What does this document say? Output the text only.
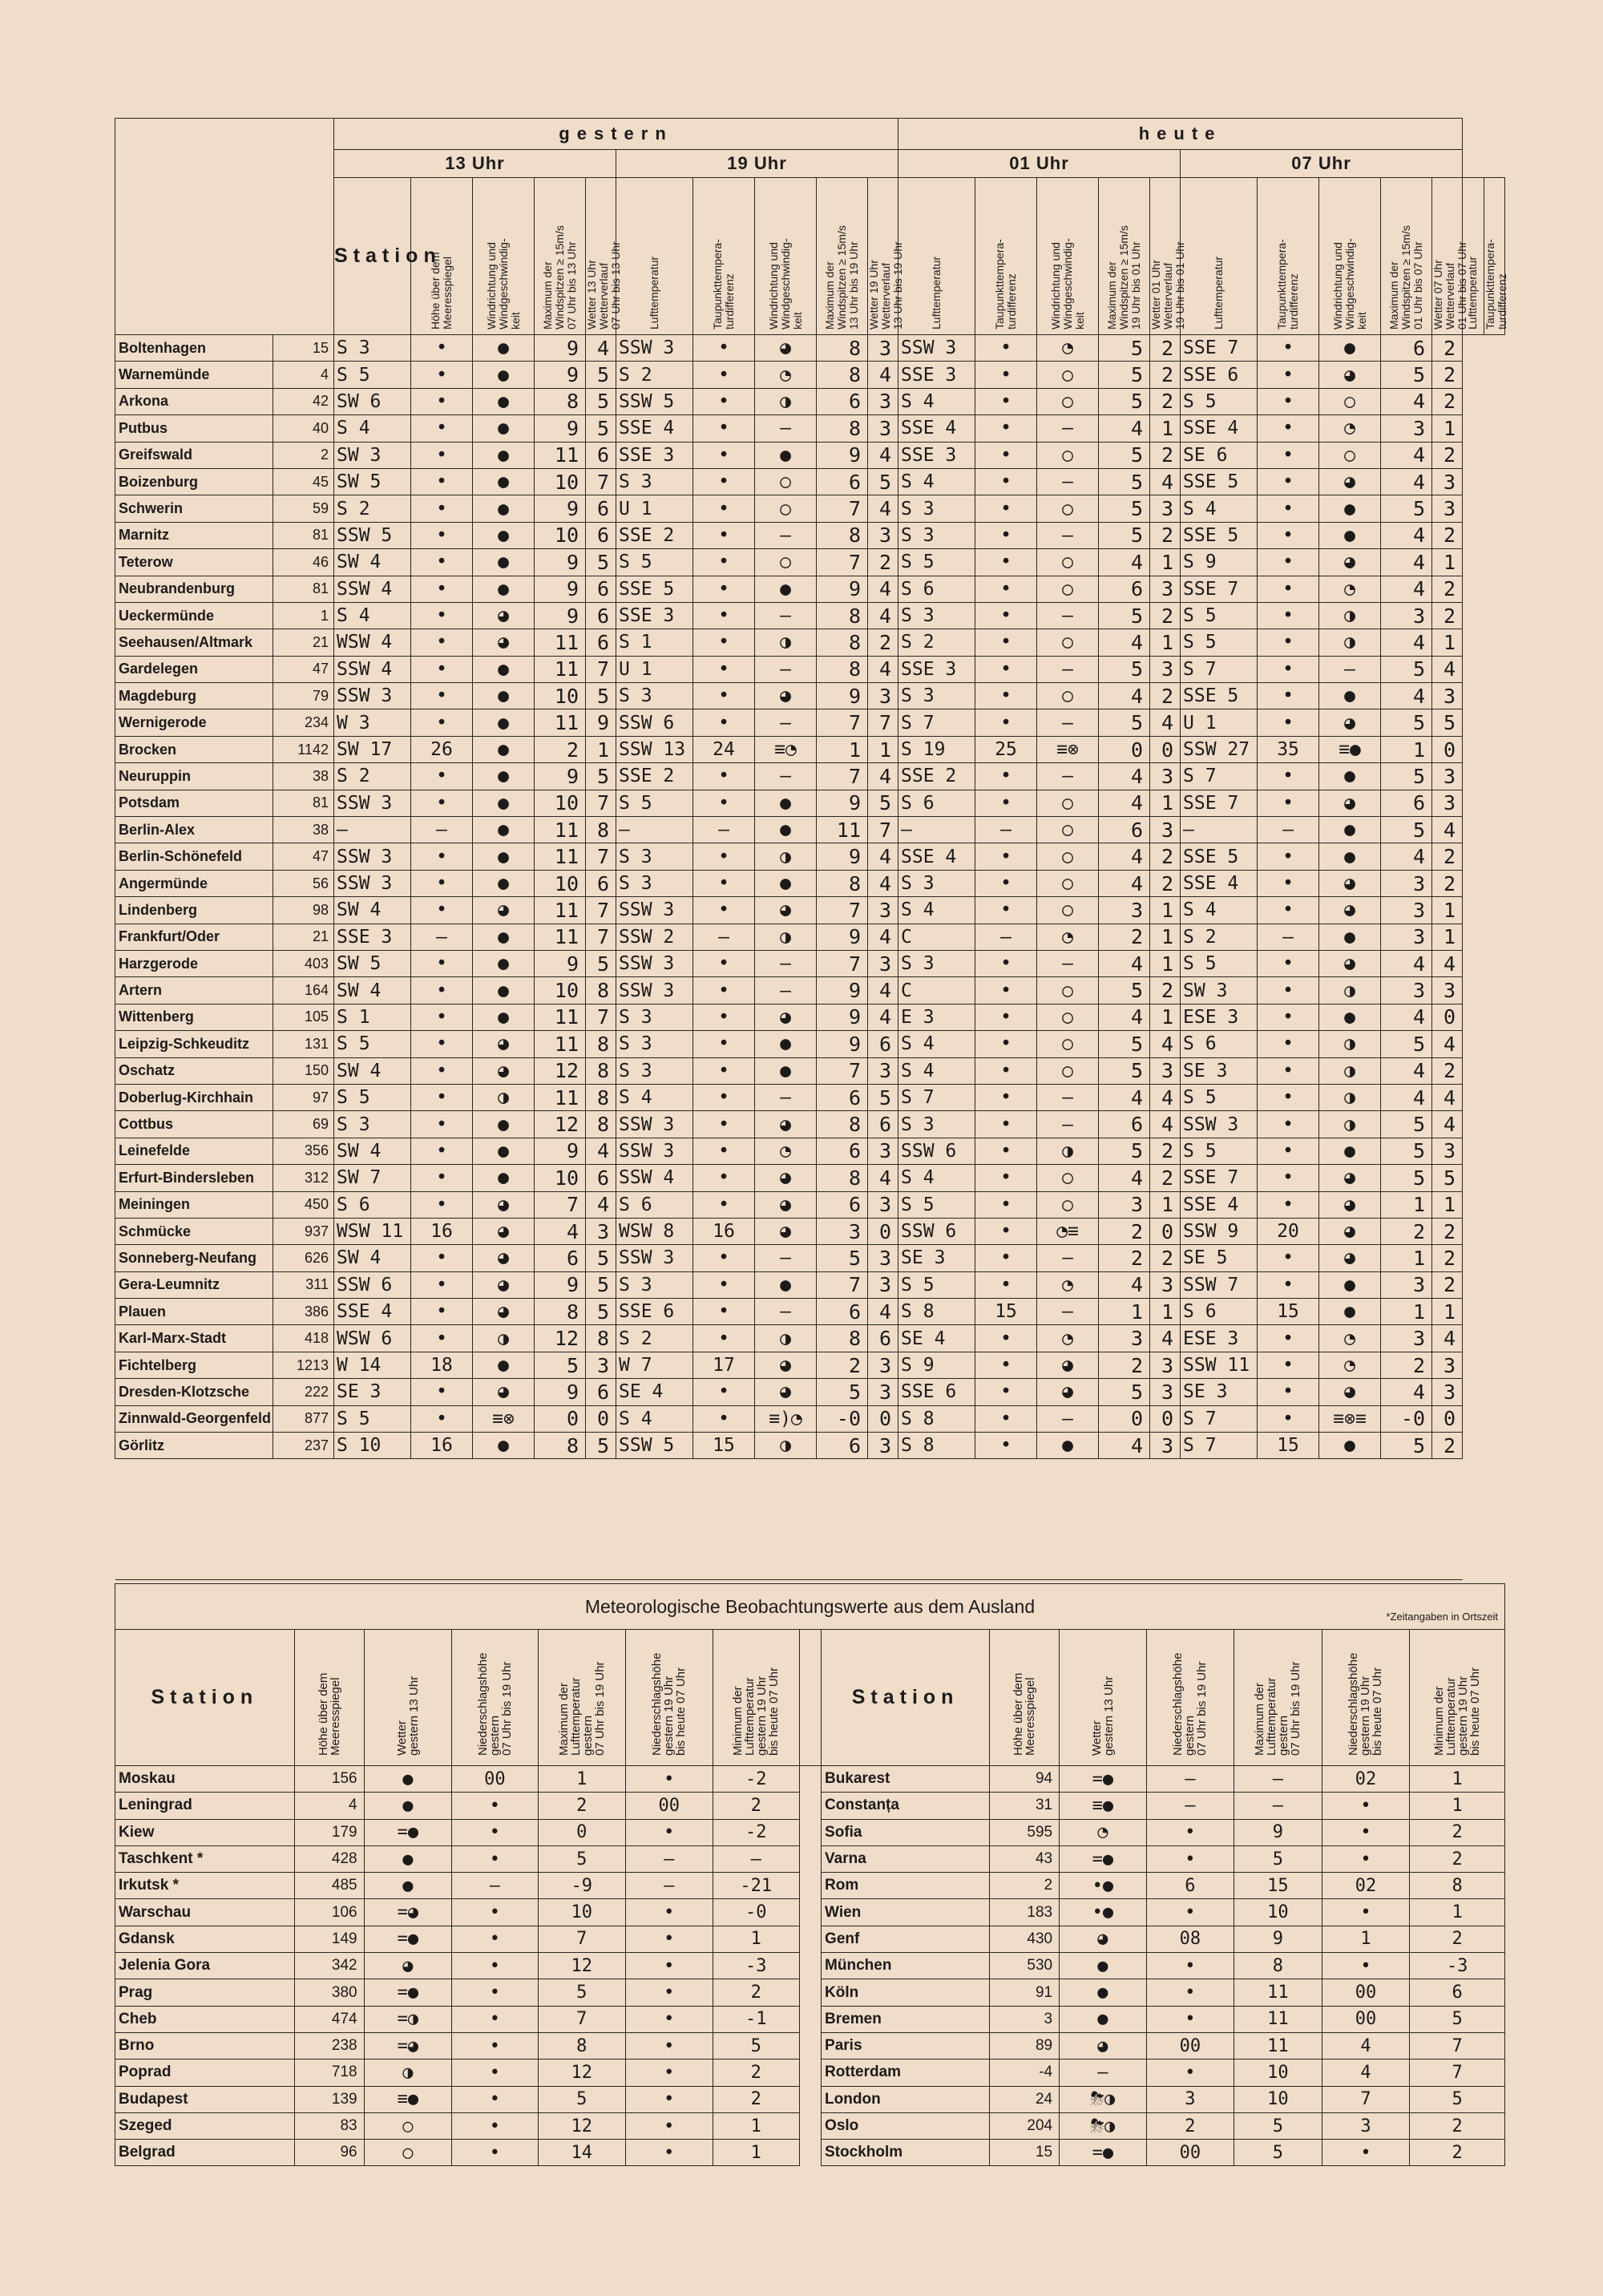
		gestern										heute											
		13 Uhr					19 Uhr					01 Uhr					07 Uhr						
		Station	Höhe über dem
Meeresspiegel	Windrichtung und
Windgeschwindig-
keit	Maximum der
Windspitzen ≥ 15m/s
07 Uhr bis 13 Uhr	Wetter 13 Uhr
Wetterverlauf
07 Uhr bis 13 Uhr	Lufttemperatur	Taupunkttempera-
turdifferenz	Windrichtung und
Windgeschwindig-
keit	Maximum der
Windspitzen ≥ 15m/s
13 Uhr bis 19 Uhr	Wetter 19 Uhr
Wetterverlauf
13 Uhr bis 19 Uhr	Lufttemperatur	Taupunkttempera-
turdifferenz	Windrichtung und
Windgeschwindig-
keit	Maximum der
Windspitzen ≥ 15m/s
19 Uhr bis 01 Uhr	Wetter 01 Uhr
Wetterverlauf
19 Uhr bis 01 Uhr	Lufttemperatur	Taupunkttempera-
turdifferenz	Windrichtung und
Windgeschwindig-
keit	Maximum der
Windspitzen ≥ 15m/s
01 Uhr bis 07 Uhr	Wetter 07 Uhr
Wetterverlauf
01 Uhr bis 07 Uhr	Lufttemperatur	Taupunkttempera-
turdifferenz
Boltenhagen	15	S 3	•	●	9	4	SSW 3	•	◕	8	3	SSW 3	•	◔	5	2	SSE 7	•	●	6	2		
Warnemünde	4	S 5	•	●	9	5	S 2	•	◔	8	4	SSE 3	•	○	5	2	SSE 6	•	◕	5	2		
Arkona	42	SW 6	•	●	8	5	SSW 5	•	◑	6	3	S 4	•	○	5	2	S 5	•	○	4	2		
Putbus	40	S 4	•	●	9	5	SSE 4	•	–	8	3	SSE 4	•	–	4	1	SSE 4	•	◔	3	1		
Greifswald	2	SW 3	•	●	11	6	SSE 3	•	●	9	4	SSE 3	•	○	5	2	SE 6	•	○	4	2		
Boizenburg	45	SW 5	•	●	10	7	S 3	•	○	6	5	S 4	•	–	5	4	SSE 5	•	◕	4	3		
Schwerin	59	S 2	•	●	9	6	U 1	•	○	7	4	S 3	•	○	5	3	S 4	•	●	5	3		
Marnitz	81	SSW 5	•	●	10	6	SSE 2	•	–	8	3	S 3	•	–	5	2	SSE 5	•	●	4	2		
Teterow	46	SW 4	•	●	9	5	S 5	•	○	7	2	S 5	•	○	4	1	S 9	•	◕	4	1		
Neubrandenburg	81	SSW 4	•	●	9	6	SSE 5	•	●	9	4	S 6	•	○	6	3	SSE 7	•	◔	4	2		
Ueckermünde	1	S 4	•	◕	9	6	SSE 3	•	–	8	4	S 3	•	–	5	2	S 5	•	◑	3	2		
Seehausen/Altmark	21	WSW 4	•	◕	11	6	S 1	•	◑	8	2	S 2	•	○	4	1	S 5	•	◑	4	1		
Gardelegen	47	SSW 4	•	●	11	7	U 1	•	–	8	4	SSE 3	•	–	5	3	S 7	•	–	5	4		
Magdeburg	79	SSW 3	•	●	10	5	S 3	•	◕	9	3	S 3	•	○	4	2	SSE 5	•	●	4	3		
Wernigerode	234	W 3	•	●	11	9	SSW 6	•	–	7	7	S 7	•	–	5	4	U 1	•	◕	5	5		
Brocken	1142	SW 17	26	●	2	1	SSW 13	24	≡◔	1	1	S 19	25	≡⊗	0	0	SSW 27	35	≡●	1	0		
Neuruppin	38	S 2	•	●	9	5	SSE 2	•	–	7	4	SSE 2	•	–	4	3	S 7	•	●	5	3		
Potsdam	81	SSW 3	•	●	10	7	S 5	•	●	9	5	S 6	•	○	4	1	SSE 7	•	◕	6	3		
Berlin-Alex	38	–	–	●	11	8	–	–	●	11	7	–	–	○	6	3	–	–	●	5	4		
Berlin-Schönefeld	47	SSW 3	•	●	11	7	S 3	•	◑	9	4	SSE 4	•	○	4	2	SSE 5	•	●	4	2		
Angermünde	56	SSW 3	•	●	10	6	S 3	•	●	8	4	S 3	•	○	4	2	SSE 4	•	◕	3	2		
Lindenberg	98	SW 4	•	◕	11	7	SSW 3	•	◕	7	3	S 4	•	○	3	1	S 4	•	◕	3	1		
Frankfurt/Oder	21	SSE 3	–	●	11	7	SSW 2	–	◑	9	4	C	–	◔	2	1	S 2	–	●	3	1		
Harzgerode	403	SW 5	•	●	9	5	SSW 3	•	–	7	3	S 3	•	–	4	1	S 5	•	◕	4	4		
Artern	164	SW 4	•	●	10	8	SSW 3	•	–	9	4	C	•	○	5	2	SW 3	•	◑	3	3		
Wittenberg	105	S 1	•	●	11	7	S 3	•	◕	9	4	E 3	•	○	4	1	ESE 3	•	●	4	0		
Leipzig-Schkeuditz	131	S 5	•	◕	11	8	S 3	•	●	9	6	S 4	•	○	5	4	S 6	•	◑	5	4		
Oschatz	150	SW 4	•	◕	12	8	S 3	•	●	7	3	S 4	•	○	5	3	SE 3	•	◑	4	2		
Doberlug-Kirchhain	97	S 5	•	◑	11	8	S 4	•	–	6	5	S 7	•	–	4	4	S 5	•	◑	4	4		
Cottbus	69	S 3	•	●	12	8	SSW 3	•	◕	8	6	S 3	•	–	6	4	SSW 3	•	◑	5	4		
Leinefelde	356	SW 4	•	●	9	4	SSW 3	•	◔	6	3	SSW 6	•	◑	5	2	S 5	•	●	5	3		
Erfurt-Bindersleben	312	SW 7	•	●	10	6	SSW 4	•	◕	8	4	S 4	•	○	4	2	SSE 7	•	◕	5	5		
Meiningen	450	S 6	•	◕	7	4	S 6	•	◕	6	3	S 5	•	○	3	1	SSE 4	•	◕	1	1		
Schmücke	937	WSW 11	16	◕	4	3	WSW 8	16	◕	3	0	SSW 6	•	◔≡	2	0	SSW 9	20	◕	2	2		
Sonneberg-Neufang	626	SW 4	•	◕	6	5	SSW 3	•	–	5	3	SE 3	•	–	2	2	SE 5	•	◕	1	2		
Gera-Leumnitz	311	SSW 6	•	◕	9	5	S 3	•	●	7	3	S 5	•	◔	4	3	SSW 7	•	●	3	2		
Plauen	386	SSE 4	•	◕	8	5	SSE 6	•	–	6	4	S 8	15	–	1	1	S 6	15	●	1	1		
Karl-Marx-Stadt	418	WSW 6	•	◑	12	8	S 2	•	◑	8	6	SE 4	•	◔	3	4	ESE 3	•	◔	3	4		
Fichtelberg	1213	W 14	18	●	5	3	W 7	17	◕	2	3	S 9	•	◕	2	3	SSW 11	•	◔	2	3		
Dresden-Klotzsche	222	SE 3	•	◕	9	6	SE 4	•	◕	5	3	SSE 6	•	◕	5	3	SE 3	•	◕	4	3		
Zinnwald-Georgenfeld	877	S 5	•	≡⊗	0	0	S 4	•	≡)◔	-0	0	S 8	•	–	0	0	S 7	•	≡⊗≡	-0	0		
Görlitz	237	S 10	16	●	8	5	SSW 5	15	◑	6	3	S 8	•	●	4	3	S 7	15	●	5	2		

Meteorologische Beobachtungswerte aus dem Ausland *Zeitangaben in Ortszeit														

Station	Höhe über dem
Meeresspiegel	Wetter
gestern 13 Uhr	Niederschlagshöhe
gestern
07 Uhr bis 19 Uhr	Maximum der
Lufttemperatur
gestern
07 Uhr bis 19 Uhr	Niederschlagshöhe
gestern 19 Uhr
bis heute 07 Uhr	Minimum der
Lufttemperatur
gestern 19 Uhr
bis heute 07 Uhr		Station	Höhe über dem
Meeresspiegel	Wetter
gestern 13 Uhr	Niederschlagshöhe
gestern
07 Uhr bis 19 Uhr	Maximum der
Lufttemperatur
gestern
07 Uhr bis 19 Uhr	Niederschlagshöhe
gestern 19 Uhr
bis heute 07 Uhr	Minimum der
Lufttemperatur
gestern 19 Uhr
bis heute 07 Uhr
Moskau	156	●	00	1	•	-2		Bukarest	94	=●	–	–	02	1
Leningrad	4	●	•	2	00	2		Constanța	31	≡●	–	–	•	1
Kiew	179	=●	•	0	•	-2		Sofia	595	◔	•	9	•	2
Taschkent *	428	●	•	5	–	–		Varna	43	=●	•	5	•	2
Irkutsk *	485	●	–	-9	–	-21		Rom	2	•●	6	15	02	8
Warschau	106	=◕	•	10	•	-0		Wien	183	•●	•	10	•	1
Gdansk	149	=●	•	7	•	1		Genf	430	◕	08	9	1	2
Jelenia Gora	342	◕	•	12	•	-3		München	530	●	•	8	•	-3
Prag	380	=●	•	5	•	2		Köln	91	●	•	11	00	6
Cheb	474	=◑	•	7	•	-1		Bremen	3	●	•	11	00	5
Brno	238	=◕	•	8	•	5		Paris	89	◕	00	11	4	7
Poprad	718	◑	•	12	•	2		Rotterdam	-4	–	•	10	4	7
Budapest	139	≡●	•	5	•	2		London	24	⛈◑	3	10	7	5
Szeged	83	○	•	12	•	1		Oslo	204	⛈◑	2	5	3	2
Belgrad	96	○	•	14	•	1		Stockholm	15	=●	00	5	•	2
